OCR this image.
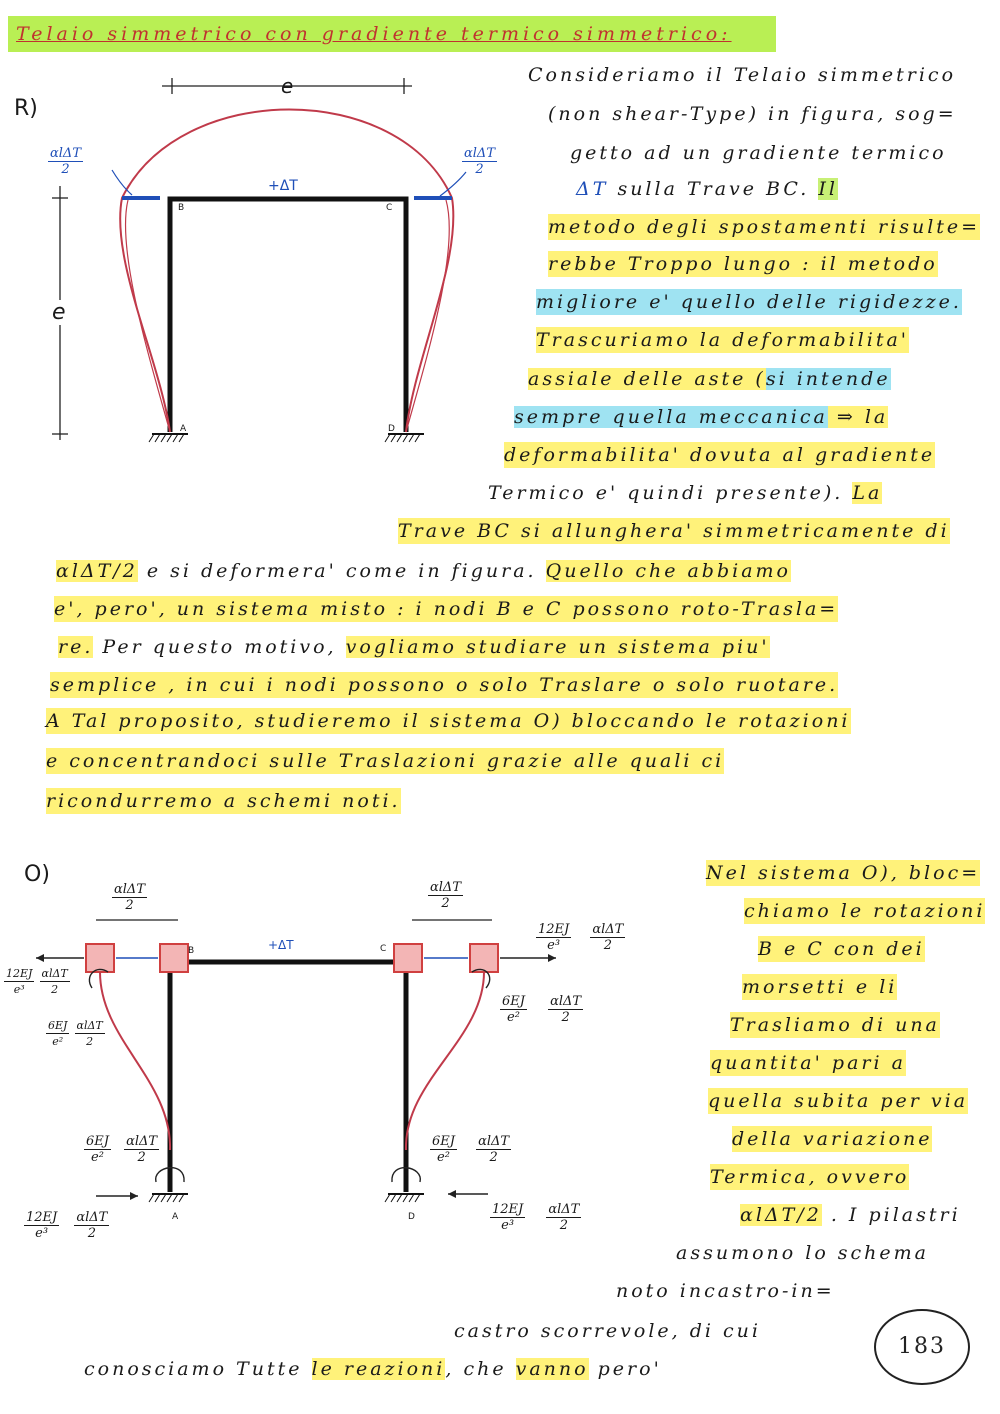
Telaio simmetrico con gradiente termico simmetrico:
R)
e
e
+ΔT
B	C
A	D
αlΔT
2
αlΔT
2
Consideriamo il Telaio simmetrico
(non shear-Type) in figura, sog=
getto ad un gradiente termico
ΔT sulla Trave BC. Il
metodo degli spostamenti risulte=
rebbe Troppo lungo : il metodo
migliore e' quello delle rigidezze.
Trascuriamo la deformabilita'
assiale delle aste (si intende
sempre quella meccanica ⇒ la
deformabilita' dovuta al gradiente
Termico e' quindi presente). La
Trave BC si allunghera' simmetricamente di
αlΔT/2 e si deformera' come in figura. Quello che abbiamo
e', pero', un sistema misto : i nodi B e C possono roto-Trasla=
re. Per questo motivo, vogliamo studiare un sistema piu'
semplice , in cui i nodi possono o solo Traslare o solo ruotare.
A Tal proposito, studieremo il sistema O) bloccando le rotazioni
e concentrandoci sulle Traslazioni grazie alle quali ci
ricondurremo a schemi noti.
O)
+ΔT
B	C
A	D
αlΔT
2
αlΔT
2
$\frac{12EJ}{\text{e³}}$
$\frac{\text{αlΔT}}{2}$
$\frac{6EJ}{\text{e²}}$
$\frac{\text{αlΔT}}{2}$
$\frac{12EJ}{\text{e³}}$
$\frac{\text{αlΔT}}{2}$
$\frac{6EJ}{\text{e²}}$
$\frac{\text{αlΔT}}{2}$
$\frac{6EJ}{\text{e²}}$
$\frac{\text{αlΔT}}{2}$	$\frac{6EJ}{\text{e²}}$
$\frac{\text{αlΔT}}{2}$
$\frac{12EJ}{\text{e³}}$
$\frac{\text{αlΔT}}{2}$	$\frac{12EJ}{\text{e³}}$
$\frac{\text{αlΔT}}{2}$
Nel sistema O), bloc=
chiamo le rotazioni
B e C con dei
morsetti e li
Trasliamo di una
quantita' pari a
quella subita per via
della variazione
Termica, ovvero
αlΔT/2 . I pilastri
assumono lo schema
noto incastro-in=
castro scorrevole, di cui
conosciamo Tutte le reazioni, che vanno pero'
183
